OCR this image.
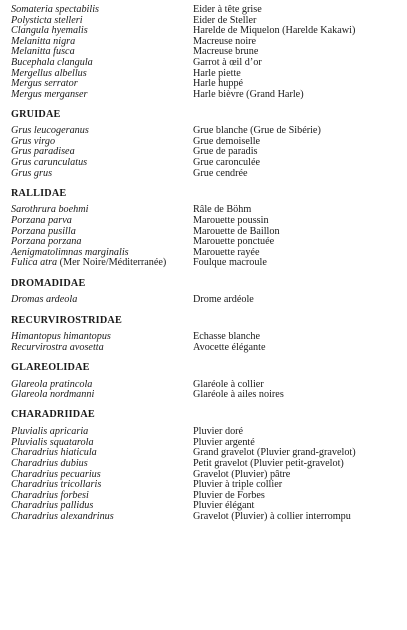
Somateria spectabilis	Eider à tête grise
Polysticta stelleri	Eider de Steller
Clangula hyemalis	Harelde de Miquelon (Harelde Kakawi)
Melanitta nigra	Macreuse noire
Melanitta fusca	Macreuse brune
Bucephala clangula	Garrot à œil d’or
Mergellus albellus	Harle piette
Mergus serrator	Harle huppé
Mergus merganser	Harle bièvre (Grand Harle)
GRUIDAE
Grus leucogeranus	Grue blanche (Grue de Sibérie)
Grus virgo	Grue demoiselle
Grus paradisea	Grue de paradis
Grus carunculatus	Grue caronculée
Grus grus	Grue cendrée
RALLIDAE
Sarothrura boehmi	Râle de Böhm
Porzana parva	Marouette poussin
Porzana pusilla	Marouette de Baillon
Porzana porzana	Marouette ponctuée
Aenigmatolimnas marginalis	Marouette rayée
Fulica atra (Mer Noire/Méditerranée)	Foulque macroule
DROMADIDAE
Dromas ardeola	Drome ardéole
RECURVIROSTRIDAE
Himantopus himantopus	Echasse blanche
Recurvirostra avosetta	Avocette élégante
GLAREOLIDAE
Glareola pratincola	Glaréole à collier
Glareola nordmanni	Glaréole à ailes noires
CHARADRIIDAE
Pluvialis apricaria	Pluvier doré
Pluvialis squatarola	Pluvier argenté
Charadrius hiaticula	Grand gravelot (Pluvier grand-gravelot)
Charadrius dubius	Petit gravelot (Pluvier petit-gravelot)
Charadrius pecuarius	Gravelot (Pluvier) pâtre
Charadrius tricollaris	Pluvier à triple collier
Charadrius forbesi	Pluvier de Forbes
Charadrius pallidus	Pluvier élégant
Charadrius alexandrinus	Gravelot (Pluvier) à collier interrompu
